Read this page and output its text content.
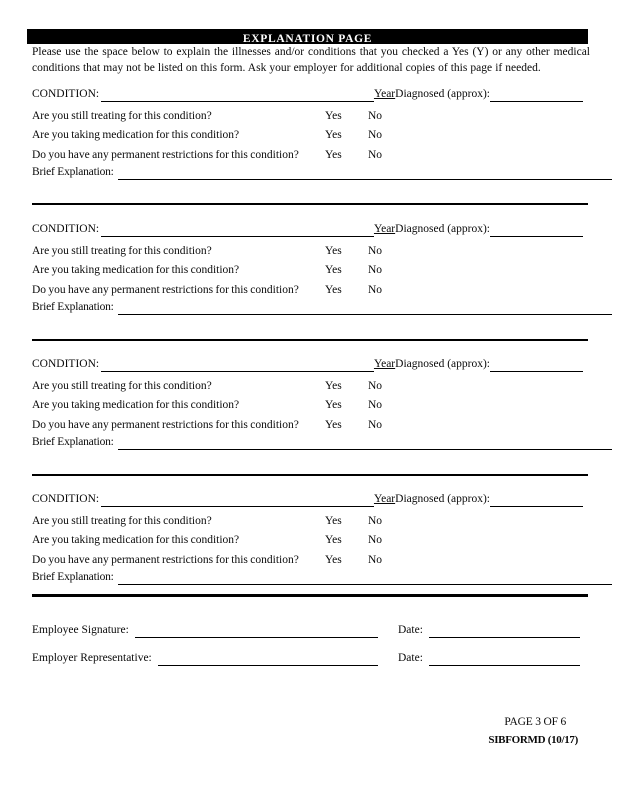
EXPLANATION PAGE

Please use the space below to explain the illnesses and/or conditions that you checked a Yes (Y) or any other medical conditions that may not be listed on this form. Ask your employer for additional copies of this page if needed.

CONDITION:	Year Diagnosed (approx):
Are you still treating for this condition?	Yes No
Are you taking medication for this condition?	Yes No
Do you have any permanent restrictions for this condition? Yes No
Brief Explanation:
CONDITION:	Year Diagnosed (approx):
Are you still treating for this condition?	Yes No
Are you taking medication for this condition?	Yes No
Do you have any permanent restrictions for this condition? Yes No
Brief Explanation:
CONDITION:	Year Diagnosed (approx):
Are you still treating for this condition?	Yes No
Are you taking medication for this condition?	Yes No
Do you have any permanent restrictions for this condition? Yes No
Brief Explanation:
CONDITION:	Year Diagnosed (approx):
Are you still treating for this condition?	Yes No
Are you taking medication for this condition?	Yes No
Do you have any permanent restrictions for this condition? Yes No
Brief Explanation:
Employee Signature:	Date:
Employer Representative:	Date:
PAGE 3 OF 6
SIBFORMD (10/17)
